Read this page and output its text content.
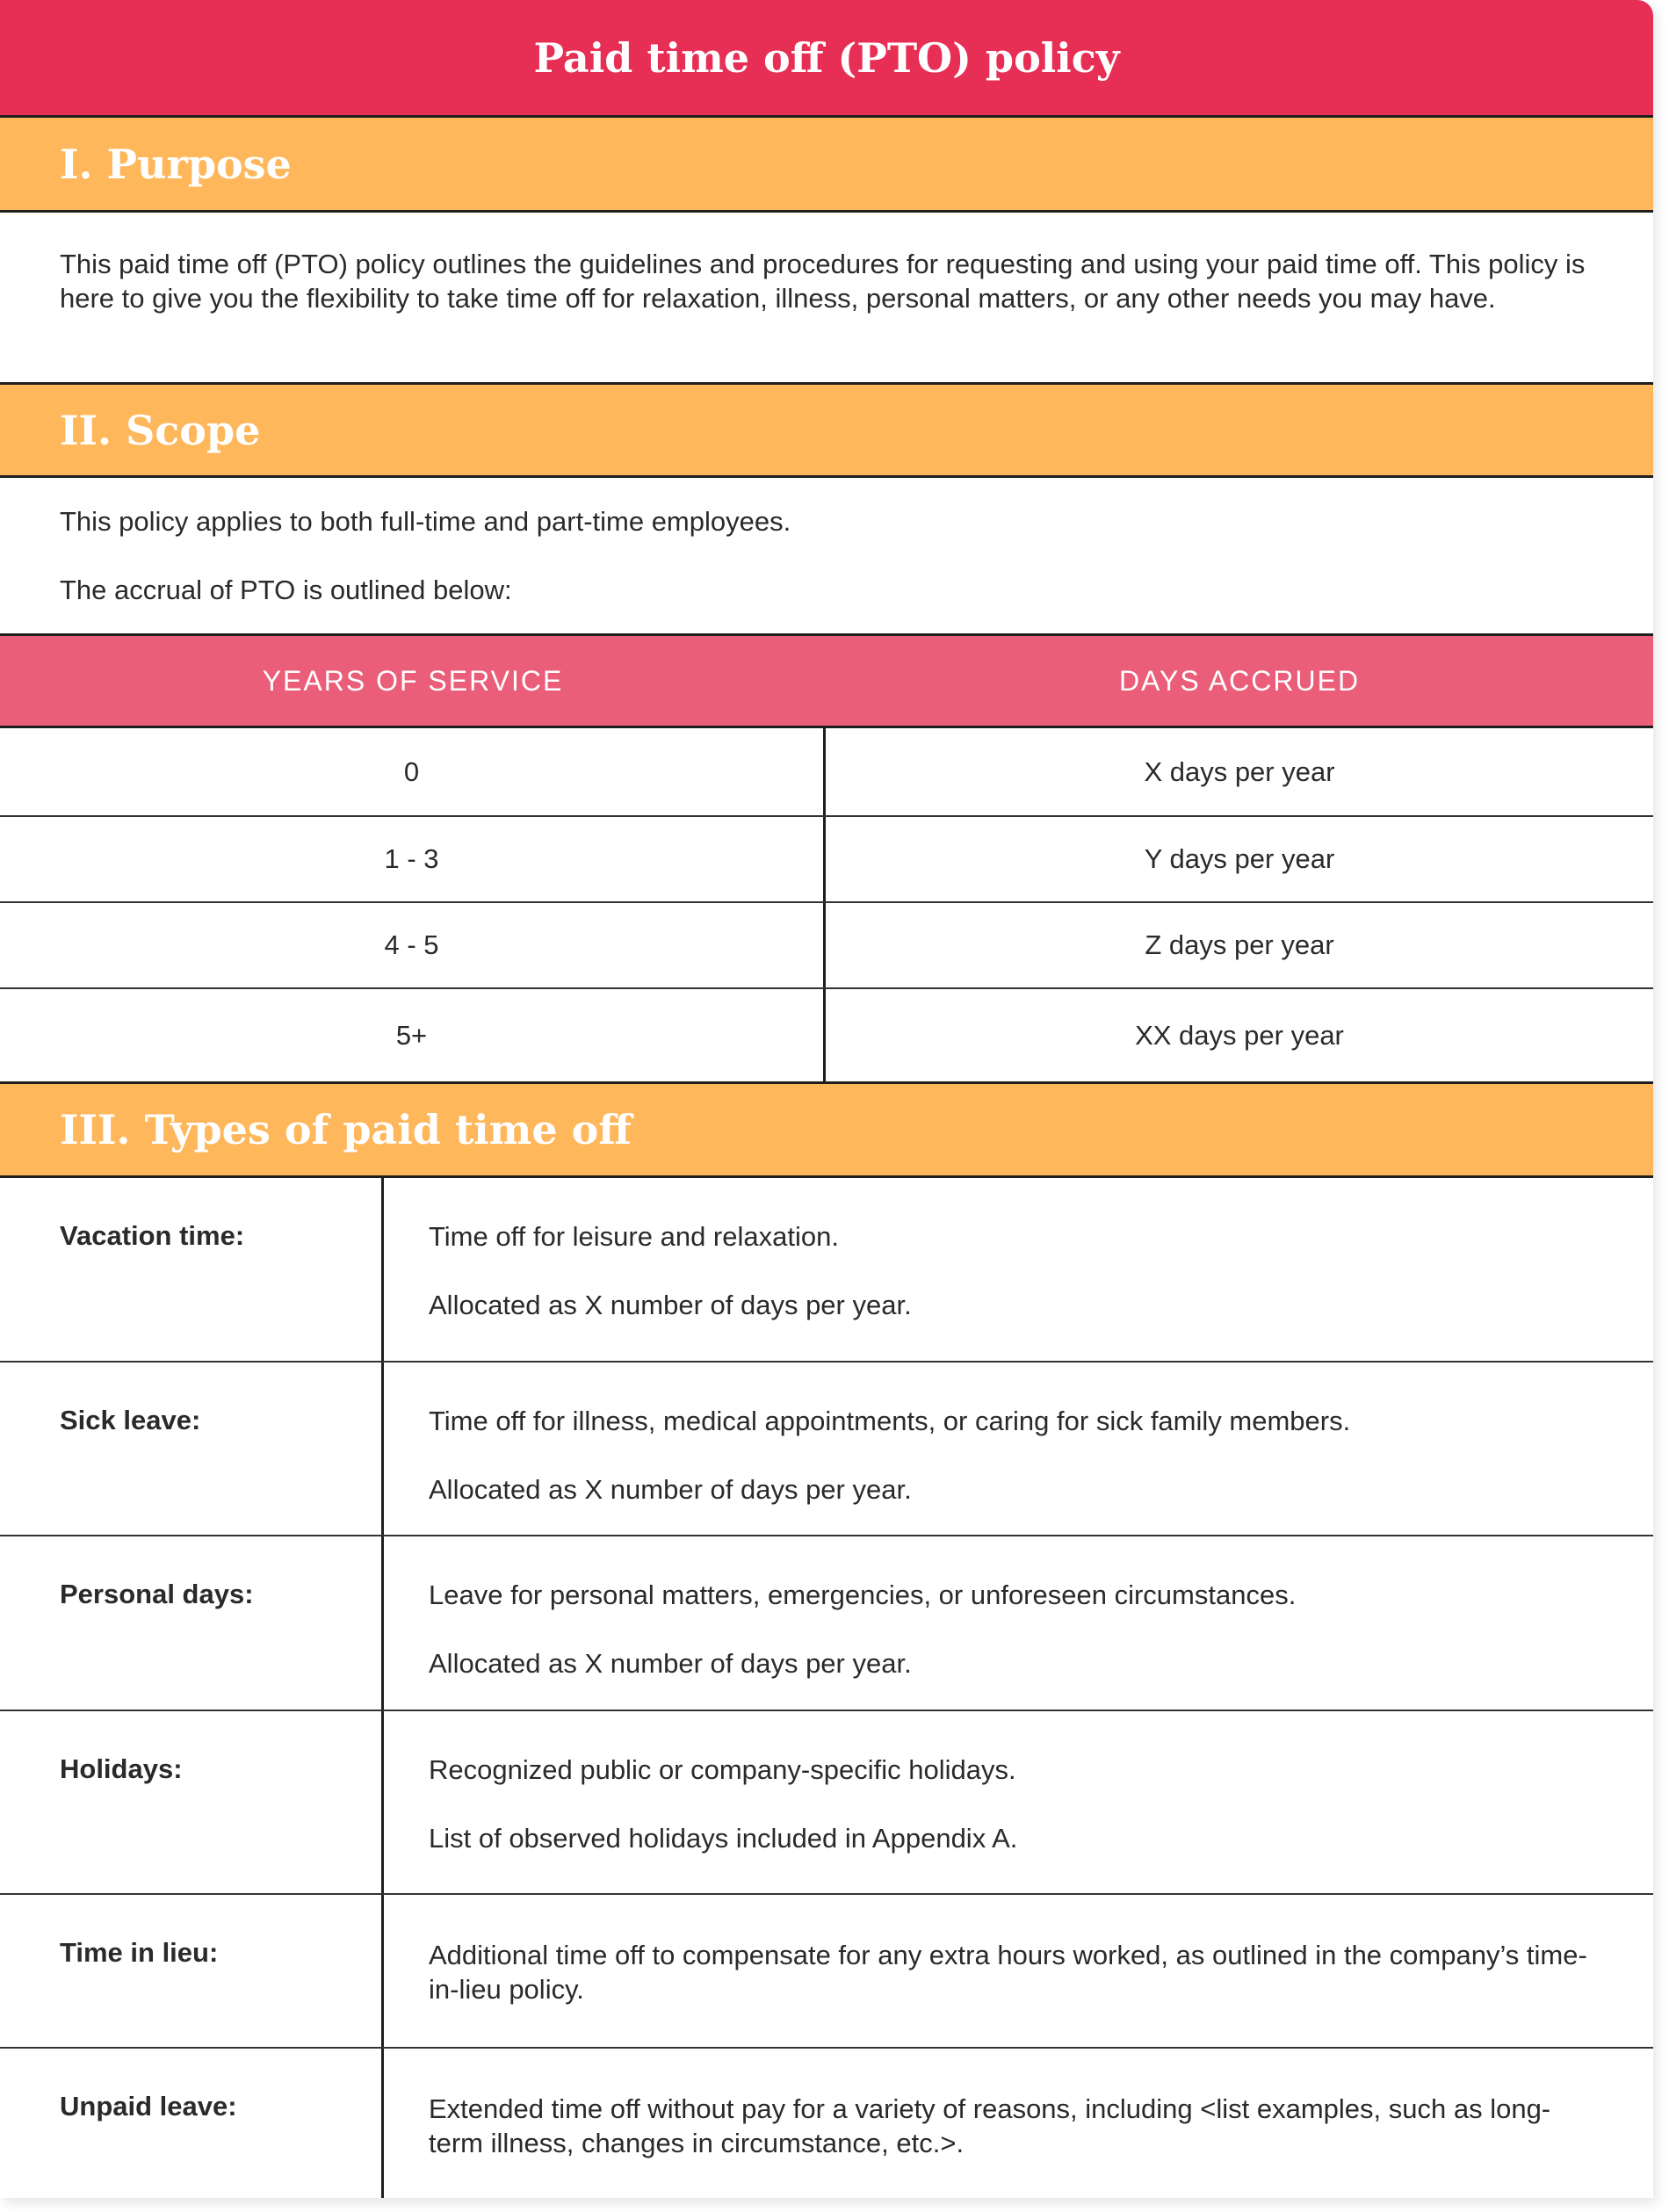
Paid time off (PTO) policy
I. Purpose
This paid time off (PTO) policy outlines the guidelines and procedures for requesting and using your paid time off. This policy is here to give you the flexibility to take time off for relaxation, illness, personal matters, or any other needs you may have.
II. Scope

This policy applies to both full-time and part-time employees.

The accrual of PTO is outlined below:

YEARS OF SERVICE	DAYS ACCRUED
0	X days per year
1 - 3	Y days per year
4 - 5	Z days per year
5+	XX days per year
III. Types of paid time off
Vacation time:	Time off for leisure and relaxation.

Allocated as X number of days per year.

Sick leave:	Time off for illness, medical appointments, or caring for sick family members.

Allocated as X number of days per year.

Personal days:	Leave for personal matters, emergencies, or unforeseen circumstances.

Allocated as X number of days per year.

Holidays:	Recognized public or company-specific holidays.

List of observed holidays included in Appendix A.

Time in lieu:	Additional time off to compensate for any extra hours worked, as outlined in the company’s time-in-lieu policy.

Unpaid leave:	Extended time off without pay for a variety of reasons, including <list examples, such as long-term illness, changes in circumstance, etc.>.
